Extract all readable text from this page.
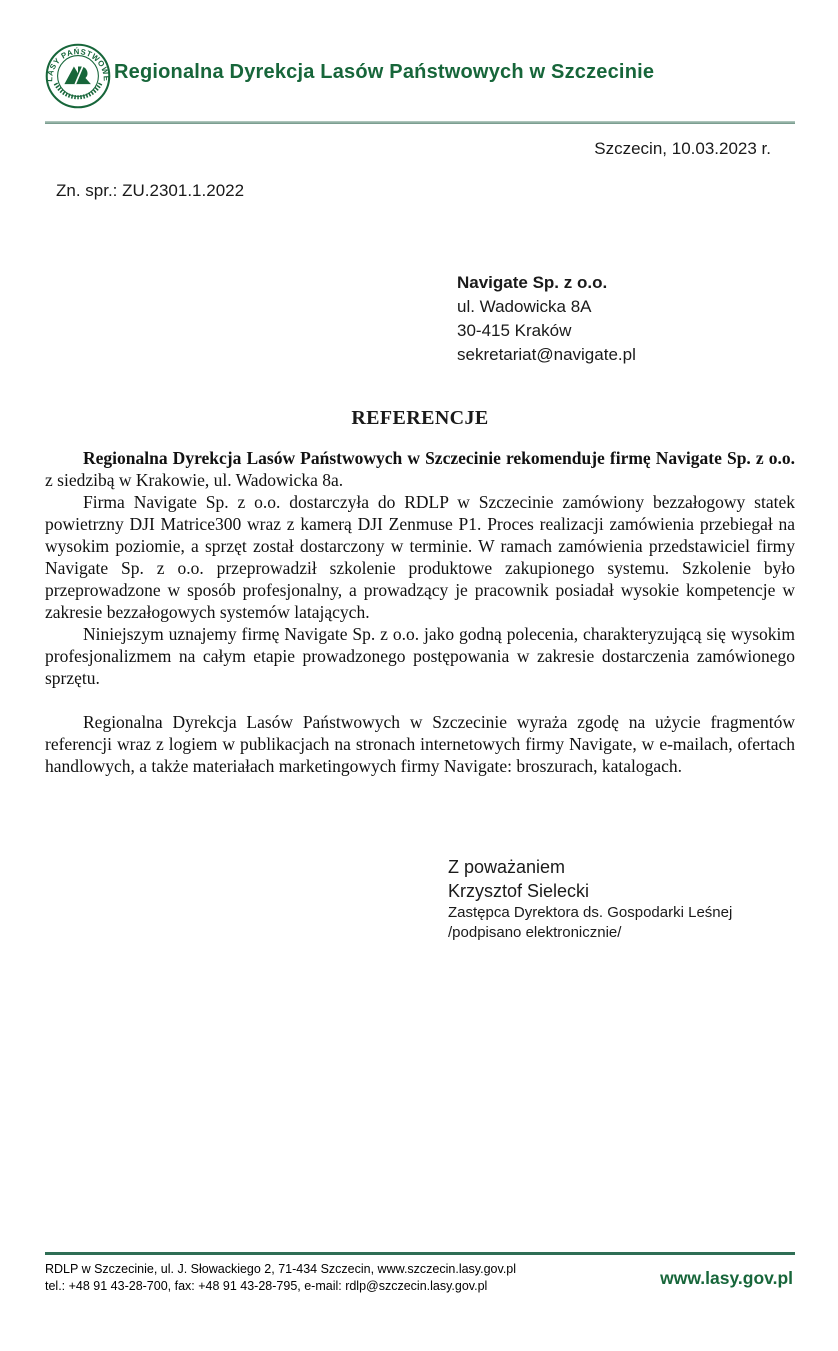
LASY PAŃSTWOWE Regionalna Dyrekcja Lasów Państwowych w Szczecinie
Szczecin, 10.03.2023 r.
Zn. spr.: ZU.2301.1.2022
Navigate Sp. z o.o.
ul. Wadowicka 8A
30-415 Kraków
sekretariat@navigate.pl
REFERENCJE

Regionalna Dyrekcja Lasów Państwowych w Szczecinie rekomenduje firmę Navigate Sp. z o.o. z siedzibą w Krakowie, ul. Wadowicka 8a.

Firma Navigate Sp. z o.o. dostarczyła do RDLP w Szczecinie zamówiony bezzałogowy statek powietrzny DJI Matrice300 wraz z kamerą DJI Zenmuse P1. Proces realizacji zamówienia przebiegał na wysokim poziomie, a sprzęt został dostarczony w terminie. W ramach zamówienia przedstawiciel firmy Navigate Sp. z o.o. przeprowadził szkolenie produktowe zakupionego systemu. Szkolenie było przeprowadzone w sposób profesjonalny, a prowadzący je pracownik posiadał wysokie kompetencje w zakresie bezzałogowych systemów latających.

Niniejszym uznajemy firmę Navigate Sp. z o.o. jako godną polecenia, charakteryzującą się wysokim profesjonalizmem na całym etapie prowadzonego postępowania w zakresie dostarczenia zamówionego sprzętu.

Regionalna Dyrekcja Lasów Państwowych w Szczecinie wyraża zgodę na użycie fragmentów referencji wraz z logiem w publikacjach na stronach internetowych firmy Navigate, w e-mailach, ofertach handlowych, a także materiałach marketingowych firmy Navigate: broszurach, katalogach.

Z poważaniem
Krzysztof Sielecki
Zastępca Dyrektora ds. Gospodarki Leśnej
/podpisano elektronicznie/
RDLP w Szczecinie, ul. J. Słowackiego 2, 71-434 Szczecin, www.szczecin.lasy.gov.pl
tel.: +48 91 43-28-700, fax: +48 91 43-28-795, e-mail: rdlp@szczecin.lasy.gov.pl	www.lasy.gov.pl
